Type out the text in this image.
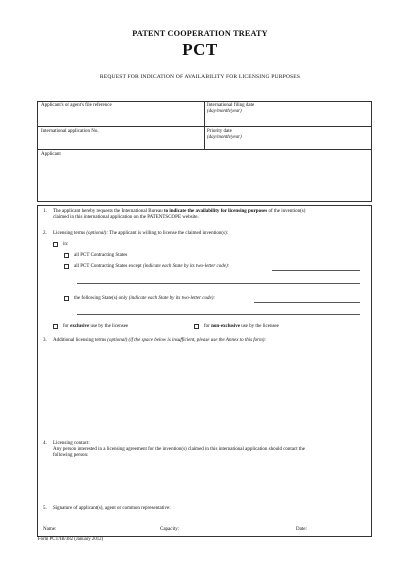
PATENT COOPERATION TREATY
PCT
REQUEST FOR INDICATION OF AVAILABILITY FOR LICENSING PURPOSES
Applicant's or agent's file reference	International filing date
(day/month/year)
International application No.	Priority date
(day/month/year)
Applicant
1. The applicant hereby requests the International Bureau to indicate the availability for licensing purposes of the invention(s)
claimed in this international application on the PATENTSCOPE website.
2. Licensing terms (optional): The applicant is willing to license the claimed invention(s):
in:
all PCT Contracting States
all PCT Contracting States except (indicate each State by its two-letter code):
the following State(s) only (indicate each State by its two-letter code):
for exclusive use by the licensee	for non-exclusive use by the licensee
3. Additional licensing terms (optional) (if the space below is insufficient, please use the Annex to this form):
4. Licensing contact:
Any person interested in a licensing agreement for the invention(s) claimed in this international application should contact the
following person:
5. Signature of applicant(s), agent or common representative:
Name:	Capacity:	Date:
Form PCT/IB/382 (January 2012)
